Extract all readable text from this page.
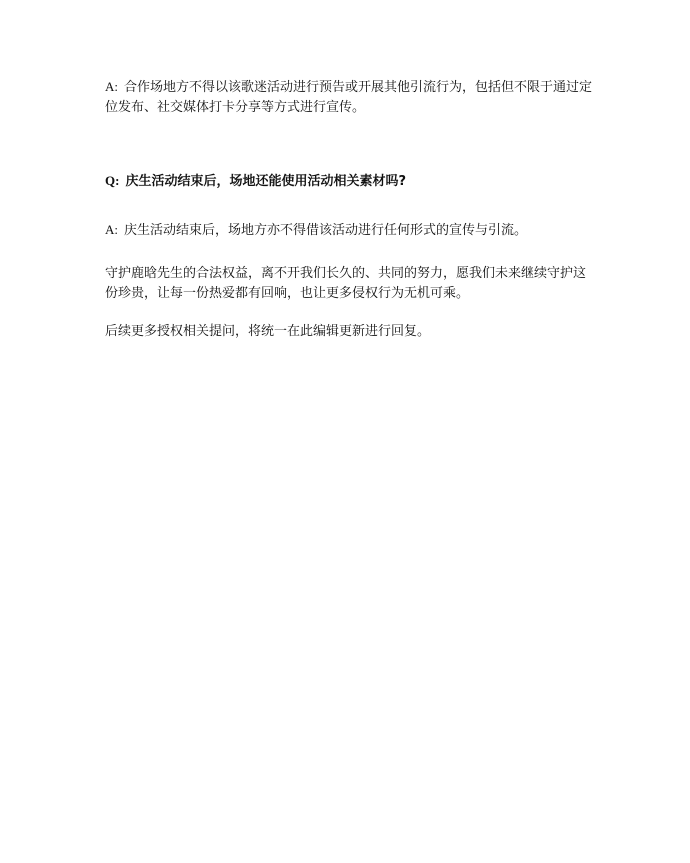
A: 合作场地方不得以该歌迷活动进行预告或开展其他引流行为，包括但不限于通过定位发布、社交媒体打卡分享等方式进行宣传。

Q: 庆生活动结束后，场地还能使用活动相关素材吗?

A: 庆生活动结束后，场地方亦不得借该活动进行任何形式的宣传与引流。

守护鹿晗先生的合法权益，离不开我们长久的、共同的努力，愿我们未来继续守护这份珍贵，让每一份热爱都有回响，也让更多侵权行为无机可乘。

后续更多授权相关提问，将统一在此编辑更新进行回复。
